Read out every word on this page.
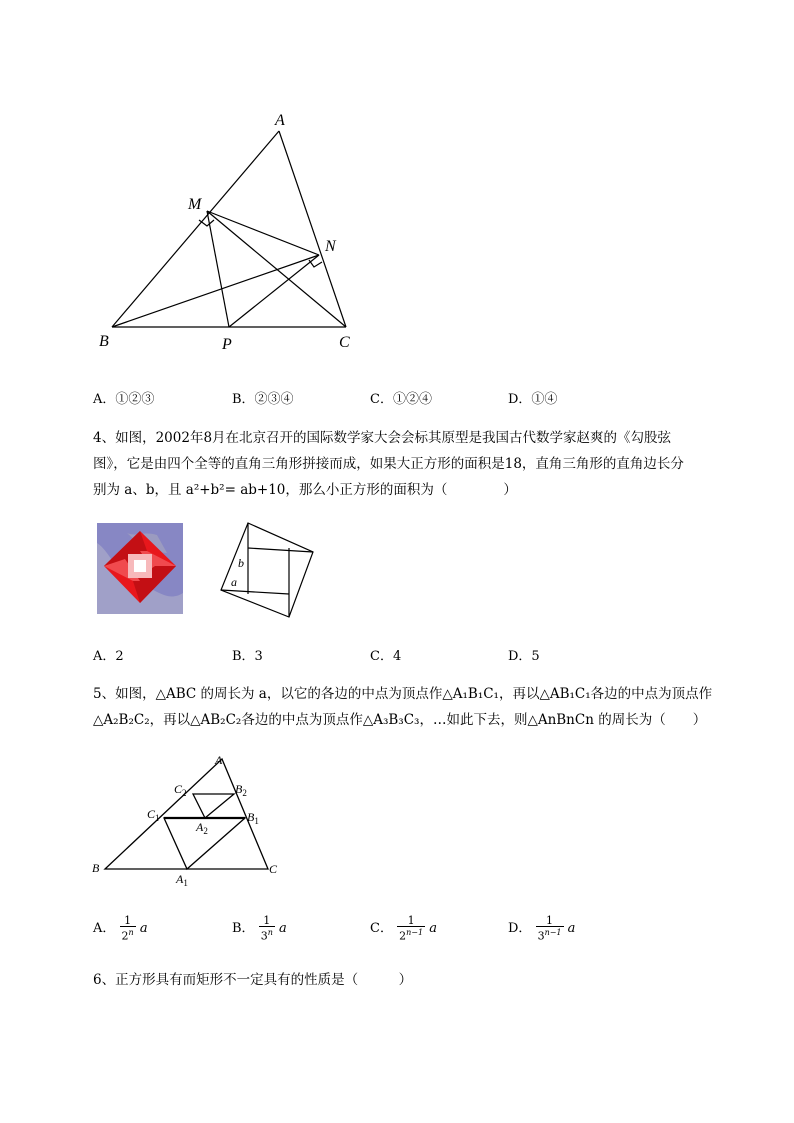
A
M
N
B	P	C
A．①②③	B．②③④	C．①②④	D．①④
4、如图，2002年8月在北京召开的国际数学家大会会标其原型是我国古代数学家赵爽的《勾股弦
图》，它是由四个全等的直角三角形拼接而成，如果大正方形的面积是18，直角三角形的直角边长分
别为 a、b，且 a²+b²= ab+10，那么小正方形的面积为（	）
b
a
A．2	B．3	C．4	D．5
5、如图，△ABC 的周长为 a，以它的各边的中点为顶点作△A₁B₁C₁，再以△AB₁C₁各边的中点为顶点作
△A₂B₂C₂，再以△AB₂C₂各边的中点为顶点作△A₃B₃C₃，…如此下去，则△AnBnCn 的周长为（　　）
A
$C_2$	$B_2$
$C_1$
$A_2$
$B_1$
B
$A_1$
C
A． $\frac{1}{2^n}$ a	B． $\frac{1}{3^n}$ a	C． $\frac{1}{2^{n-1}}$ a	D． $\frac{1}{3^{n-1}}$ a
6、正方形具有而矩形不一定具有的性质是（　　　）
